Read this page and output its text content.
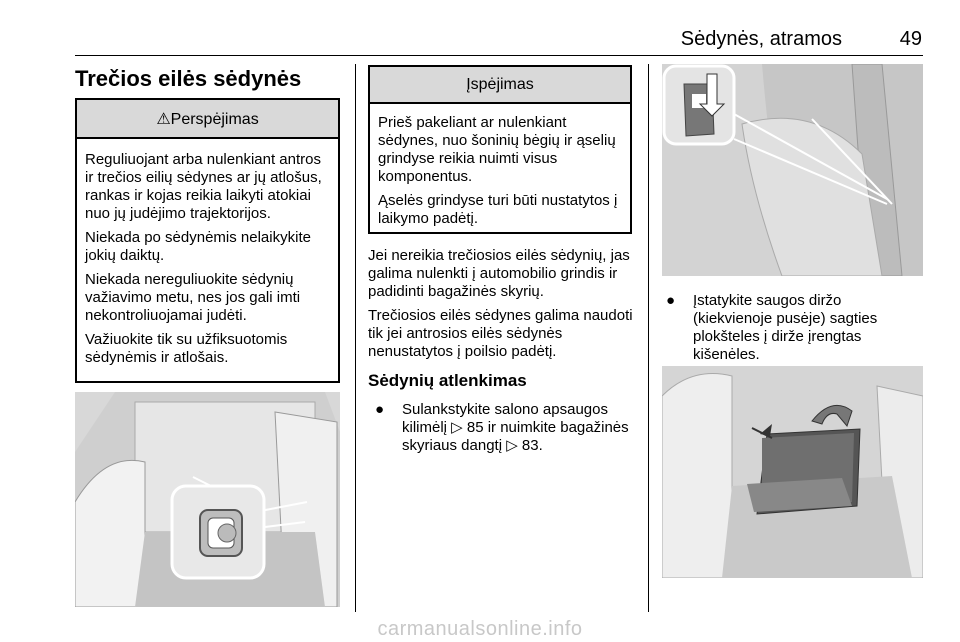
Sėdynės, atramos	49
Trečios eilės sėdynės
⚠Perspėjimas

Reguliuojant arba nulenkiant antros ir trečios eilių sėdynes ar jų atlošus, rankas ir kojas reikia laikyti atokiai nuo jų judėjimo trajektorijos.

Niekada po sėdynėmis nelaikykite jokių daiktų.

Niekada nereguliuokite sėdynių važiavimo metu, nes jos gali imti nekontroliuojamai judėti.

Važiuokite tik su užfiksuotomis sėdynėmis ir atlošais.

Įspėjimas

Prieš pakeliant ar nulenkiant sėdynes, nuo šoninių bėgių ir ąselių grindyse reikia nuimti visus komponentus.

Ąselės grindyse turi būti nustatytos į laikymo padėtį.

Jei nereikia trečiosios eilės sėdynių, jas galima nulenkti į automobilio grindis ir padidinti bagažinės skyrių.

Trečiosios eilės sėdynes galima naudoti tik jei antrosios eilės sėdynės nenustatytos į poilsio padėtį.

Sėdynių atlenkimas
● Sulankstykite salono apsaugos kilimėlį ▷ 85 ir nuimkite bagažinės skyriaus dangtį ▷ 83.
● Įstatykite saugos diržo (kiekvienoje pusėje) sagties plokšteles į diržе įrengtas kišenėles.
carmanualsonline.info
